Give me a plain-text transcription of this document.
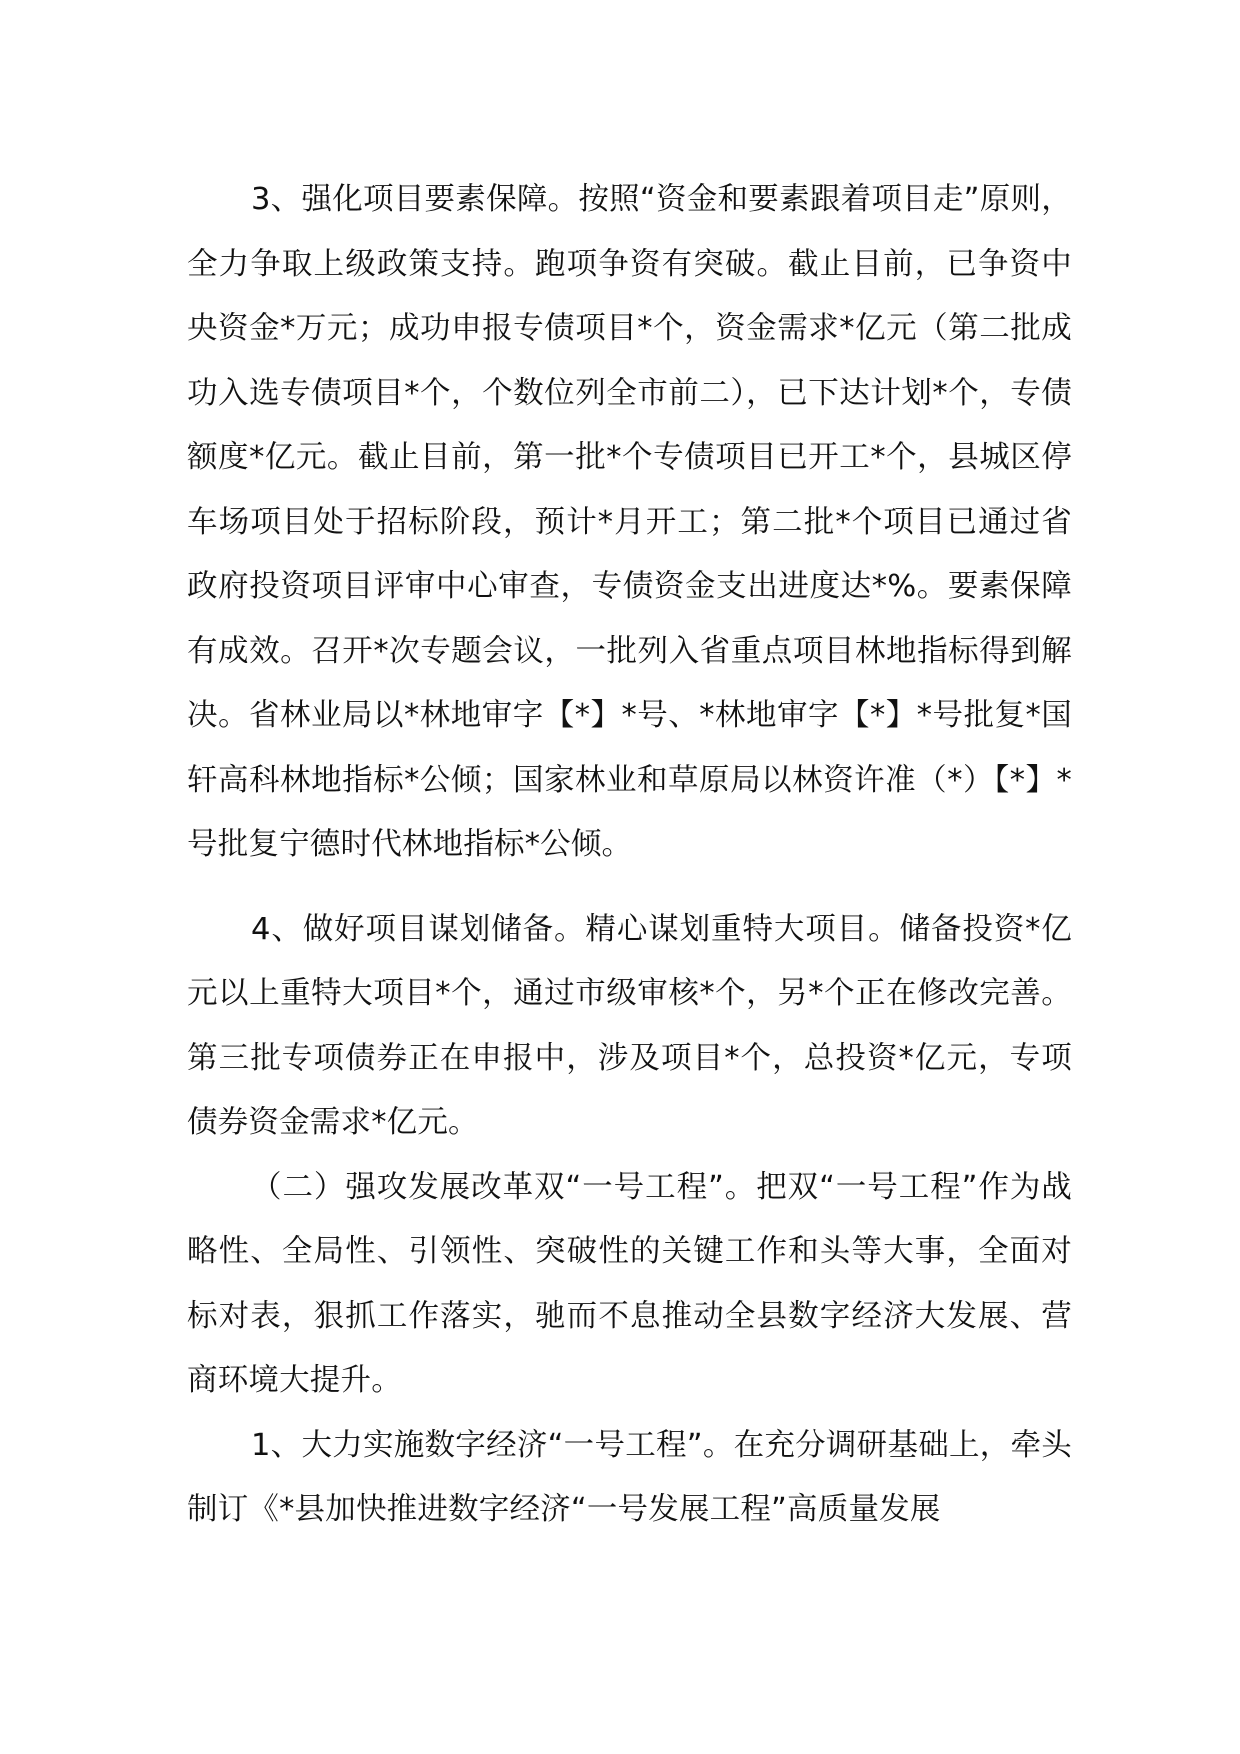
3、强化项目要素保障。按照“资金和要素跟着项目走”原则，全力争取上级政策支持。跑项争资有突破。截止目前，已争资中央资金*万元；成功申报专债项目*个，资金需求*亿元（第二批成功入选专债项目*个，个数位列全市前二），已下达计划*个，专债额度*亿元。截止目前，第一批*个专债项目已开工*个，县城区停车场项目处于招标阶段，预计*月开工；第二批*个项目已通过省政府投资项目评审中心审查，专债资金支出进度达*%。要素保障有成效。召开*次专题会议，一批列入省重点项目林地指标得到解决。省林业局以*林地审字【*】*号、*林地审字【*】*号批复*国轩高科林地指标*公倾；国家林业和草原局以林资许准（*）【*】*号批复宁德时代林地指标*公倾。

4、做好项目谋划储备。精心谋划重特大项目。储备投资*亿元以上重特大项目*个，通过市级审核*个，另*个正在修改完善。第三批专项债券正在申报中，涉及项目*个，总投资*亿元，专项债券资金需求*亿元。

（二）强攻发展改革双“一号工程”。把双“一号工程”作为战略性、全局性、引领性、突破性的关键工作和头等大事，全面对标对表，狠抓工作落实，驰而不息推动全县数字经济大发展、营商环境大提升。

1、大力实施数字经济“一号工程”。在充分调研基础上，牵头制订《*县加快推进数字经济“一号发展工程”高质量发展
